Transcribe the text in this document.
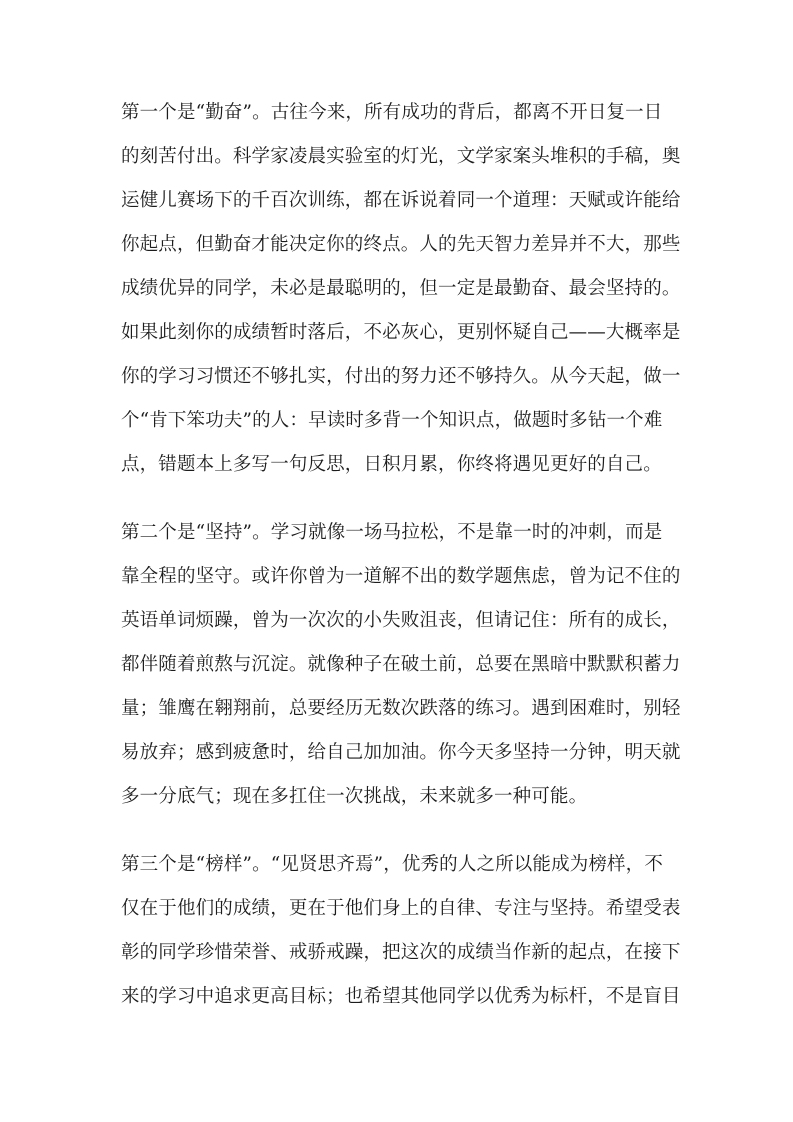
第一个是“勤奋”。古往今来，所有成功的背后，都离不开日复一日
的刻苦付出。科学家凌晨实验室的灯光，文学家案头堆积的手稿，奥
运健儿赛场下的千百次训练，都在诉说着同一个道理：天赋或许能给
你起点，但勤奋才能决定你的终点。人的先天智力差异并不大，那些
成绩优异的同学，未必是最聪明的，但一定是最勤奋、最会坚持的。
如果此刻你的成绩暂时落后，不必灰心，更别怀疑自己——大概率是
你的学习习惯还不够扎实，付出的努力还不够持久。从今天起，做一
个“肯下笨功夫”的人：早读时多背一个知识点，做题时多钻一个难
点，错题本上多写一句反思，日积月累，你终将遇见更好的自己。
第二个是“坚持”。学习就像一场马拉松，不是靠一时的冲刺，而是
靠全程的坚守。或许你曾为一道解不出的数学题焦虑，曾为记不住的
英语单词烦躁，曾为一次次的小失败沮丧，但请记住：所有的成长，
都伴随着煎熬与沉淀。就像种子在破土前，总要在黑暗中默默积蓄力
量；雏鹰在翱翔前，总要经历无数次跌落的练习。遇到困难时，别轻
易放弃；感到疲惫时，给自己加加油。你今天多坚持一分钟，明天就
多一分底气；现在多扛住一次挑战，未来就多一种可能。
第三个是“榜样”。“见贤思齐焉”，优秀的人之所以能成为榜样，不
仅在于他们的成绩，更在于他们身上的自律、专注与坚持。希望受表
彰的同学珍惜荣誉、戒骄戒躁，把这次的成绩当作新的起点，在接下
来的学习中追求更高目标；也希望其他同学以优秀为标杆，不是盲目
